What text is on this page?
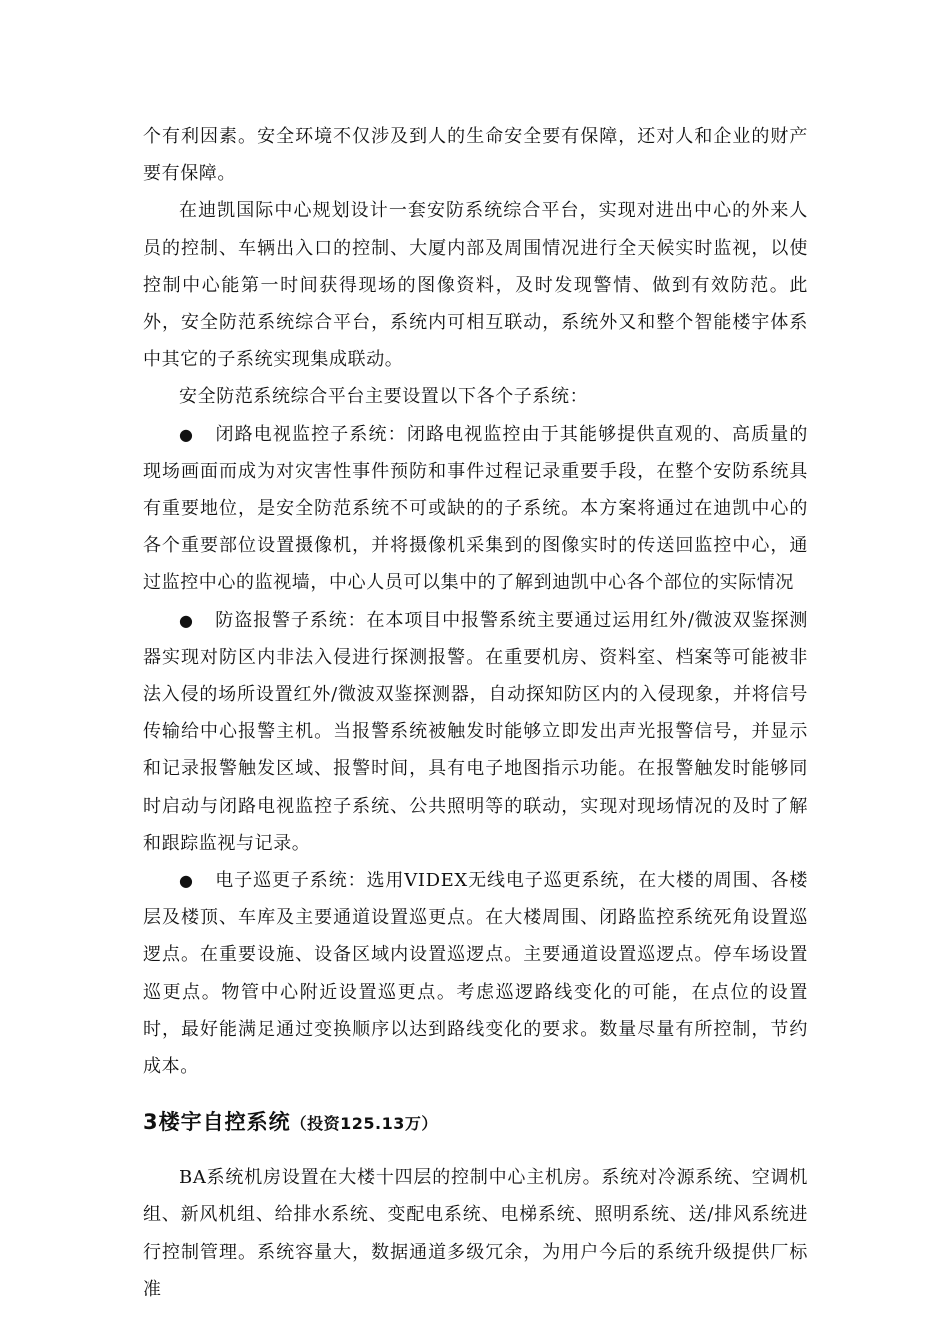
个有利因素。安全环境不仅涉及到人的生命安全要有保障，还对人和企业的财产要有保障。

在迪凯国际中心规划设计一套安防系统综合平台，实现对进出中心的外来人员的控制、车辆出入口的控制、大厦内部及周围情况进行全天候实时监视，以使控制中心能第一时间获得现场的图像资料，及时发现警情、做到有效防范。此外，安全防范系统综合平台，系统内可相互联动，系统外又和整个智能楼宇体系中其它的子系统实现集成联动。

安全防范系统综合平台主要设置以下各个子系统：

● 闭路电视监控子系统：闭路电视监控由于其能够提供直观的、高质量的现场画面而成为对灾害性事件预防和事件过程记录重要手段，在整个安防系统具有重要地位，是安全防范系统不可或缺的的子系统。本方案将通过在迪凯中心的各个重要部位设置摄像机，并将摄像机采集到的图像实时的传送回监控中心，通过监控中心的监视墙，中心人员可以集中的了解到迪凯中心各个部位的实际情况

● 防盗报警子系统：在本项目中报警系统主要通过运用红外/微波双鉴探测器实现对防区内非法入侵进行探测报警。在重要机房、资料室、档案等可能被非法入侵的场所设置红外/微波双鉴探测器，自动探知防区内的入侵现象，并将信号传输给中心报警主机。当报警系统被触发时能够立即发出声光报警信号，并显示和记录报警触发区域、报警时间，具有电子地图指示功能。在报警触发时能够同时启动与闭路电视监控子系统、公共照明等的联动，实现对现场情况的及时了解和跟踪监视与记录。

● 电子巡更子系统：选用VIDEX无线电子巡更系统，在大楼的周围、各楼层及楼顶、车库及主要通道设置巡更点。在大楼周围、闭路监控系统死角设置巡逻点。在重要设施、设备区域内设置巡逻点。主要通道设置巡逻点。停车场设置巡更点。物管中心附近设置巡更点。考虑巡逻路线变化的可能，在点位的设置时，最好能满足通过变换顺序以达到路线变化的要求。数量尽量有所控制，节约成本。

3楼宇自控系统（投资125.13万）

BA系统机房设置在大楼十四层的控制中心主机房。系统对冷源系统、空调机组、新风机组、给排水系统、变配电系统、电梯系统、照明系统、送/排风系统进行控制管理。系统容量大，数据通道多级冗余，为用户今后的系统升级提供厂标准
